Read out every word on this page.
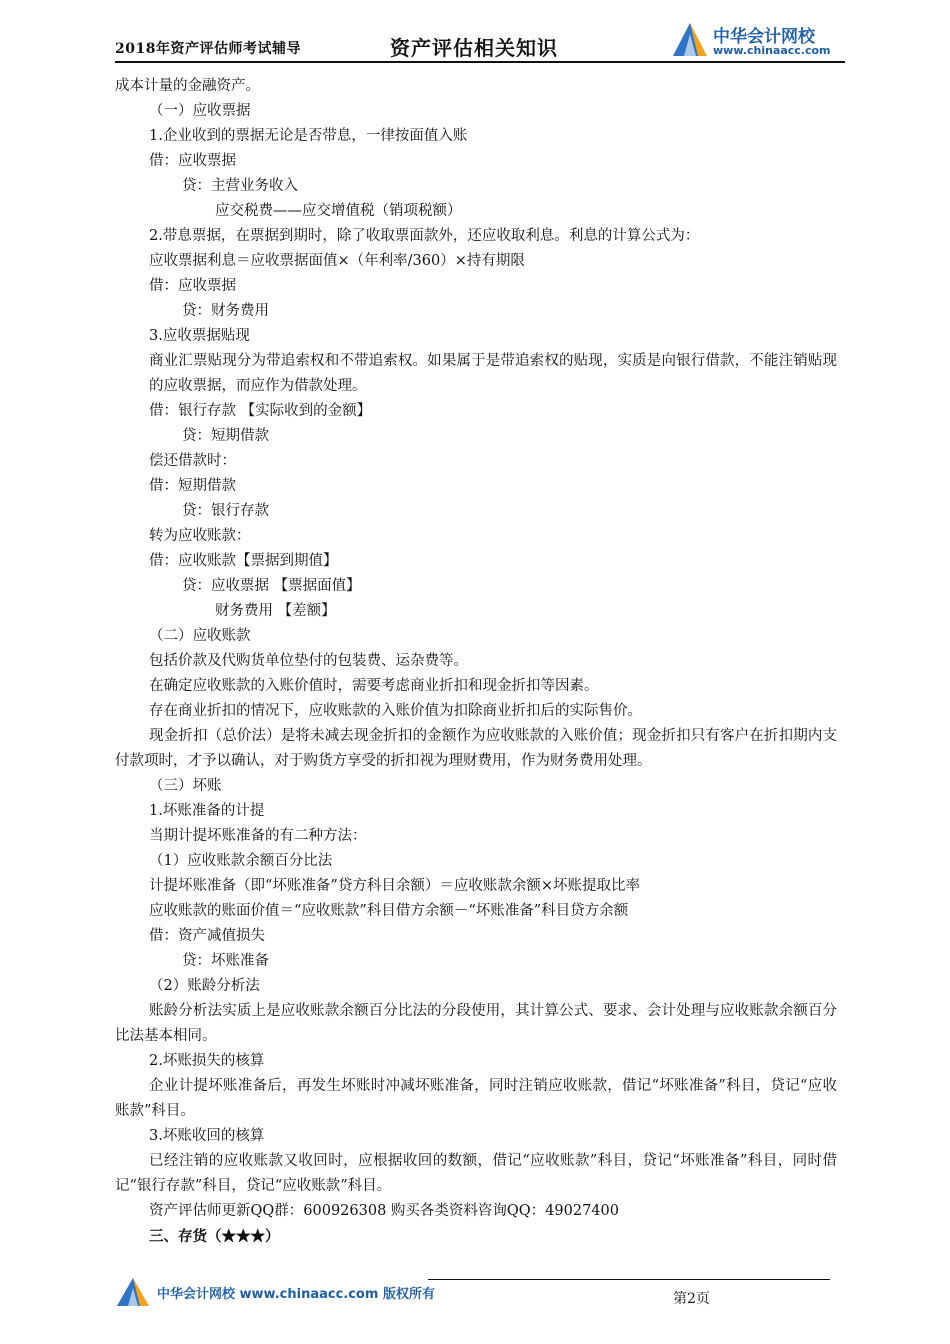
2018年资产评估师考试辅导	资产评估相关知识	中华会计网校
www.chinaacc.com
成本计量的金融资产。
（一）应收票据
1.企业收到的票据无论是否带息，一律按面值入账
借：应收票据
贷：主营业务收入
应交税费——应交增值税（销项税额）
2.带息票据，在票据到期时，除了收取票面款外，还应收取利息。利息的计算公式为：
应收票据利息＝应收票据面值×（年利率/360）×持有期限
借：应收票据
贷：财务费用
3.应收票据贴现
商业汇票贴现分为带追索权和不带追索权。如果属于是带追索权的贴现，实质是向银行借款，不能注销贴现的应收票据，而应作为借款处理。
借：银行存款 【实际收到的金额】
贷：短期借款
偿还借款时：
借：短期借款
贷：银行存款
转为应收账款：
借：应收账款【票据到期值】
贷：应收票据 【票据面值】
财务费用 【差额】
（二）应收账款
包括价款及代购货单位垫付的包装费、运杂费等。
在确定应收账款的入账价值时，需要考虑商业折扣和现金折扣等因素。
存在商业折扣的情况下，应收账款的入账价值为扣除商业折扣后的实际售价。
现金折扣（总价法）是将未减去现金折扣的金额作为应收账款的入账价值；现金折扣只有客户在折扣期内支付款项时，才予以确认，对于购货方享受的折扣视为理财费用，作为财务费用处理。
（三）坏账
1.坏账准备的计提
当期计提坏账准备的有二种方法：
（1）应收账款余额百分比法
计提坏账准备（即“坏账准备”贷方科目余额）＝应收账款余额×坏账提取比率
应收账款的账面价值＝“应收账款”科目借方余额－“坏账准备”科目贷方余额
借：资产减值损失
贷：坏账准备
（2）账龄分析法
账龄分析法实质上是应收账款余额百分比法的分段使用，其计算公式、要求、会计处理与应收账款余额百分比法基本相同。
2.坏账损失的核算
企业计提坏账准备后，再发生坏账时冲减坏账准备，同时注销应收账款，借记“坏账准备”科目，贷记“应收账款”科目。
3.坏账收回的核算
已经注销的应收账款又收回时，应根据收回的数额，借记“应收账款”科目，贷记“坏账准备”科目，同时借记“银行存款”科目，贷记“应收账款”科目。
资产评估师更新QQ群：600926308 购买各类资料咨询QQ：49027400
三、存货（★★★）
中华会计网校 www.chinaacc.com 版权所有	第2页
